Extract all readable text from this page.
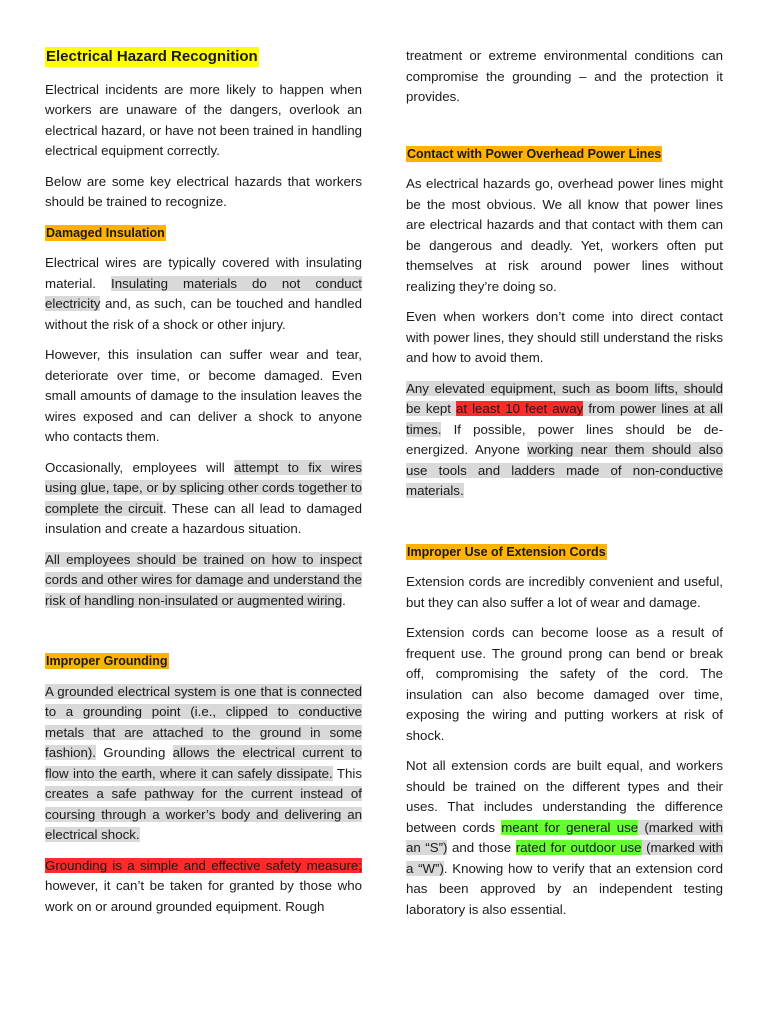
Electrical Hazard Recognition

Electrical incidents are more likely to happen when workers are unaware of the dangers, overlook an electrical hazard, or have not been trained in handling electrical equipment correctly.

Below are some key electrical hazards that workers should be trained to recognize.

Damaged Insulation

Electrical wires are typically covered with insulating material. Insulating materials do not conduct electricity and, as such, can be touched and handled without the risk of a shock or other injury.

However, this insulation can suffer wear and tear, deteriorate over time, or become damaged. Even small amounts of damage to the insulation leaves the wires exposed and can deliver a shock to anyone who contacts them.

Occasionally, employees will attempt to fix wires using glue, tape, or by splicing other cords together to complete the circuit. These can all lead to damaged insulation and create a hazardous situation.

All employees should be trained on how to inspect cords and other wires for damage and understand the risk of handling non-insulated or augmented wiring.

Improper Grounding

A grounded electrical system is one that is connected to a grounding point (i.e., clipped to conductive metals that are attached to the ground in some fashion). Grounding allows the electrical current to flow into the earth, where it can safely dissipate. This creates a safe pathway for the current instead of coursing through a worker’s body and delivering an electrical shock.

Grounding is a simple and effective safety measure; however, it can’t be taken for granted by those who work on or around grounded equipment. Rough

treatment or extreme environmental conditions can compromise the grounding – and the protection it provides.

Contact with Power Overhead Power Lines

As electrical hazards go, overhead power lines might be the most obvious. We all know that power lines are electrical hazards and that contact with them can be dangerous and deadly. Yet, workers often put themselves at risk around power lines without realizing they’re doing so.

Even when workers don’t come into direct contact with power lines, they should still understand the risks and how to avoid them.

Any elevated equipment, such as boom lifts, should be kept at least 10 feet away from power lines at all times. If possible, power lines should be de-energized. Anyone working near them should also use tools and ladders made of non-conductive materials.

Improper Use of Extension Cords

Extension cords are incredibly convenient and useful, but they can also suffer a lot of wear and damage.

Extension cords can become loose as a result of frequent use. The ground prong can bend or break off, compromising the safety of the cord. The insulation can also become damaged over time, exposing the wiring and putting workers at risk of shock.

Not all extension cords are built equal, and workers should be trained on the different types and their uses. That includes understanding the difference between cords meant for general use (marked with an “S”) and those rated for outdoor use (marked with a “W”). Knowing how to verify that an extension cord has been approved by an independent testing laboratory is also essential.
